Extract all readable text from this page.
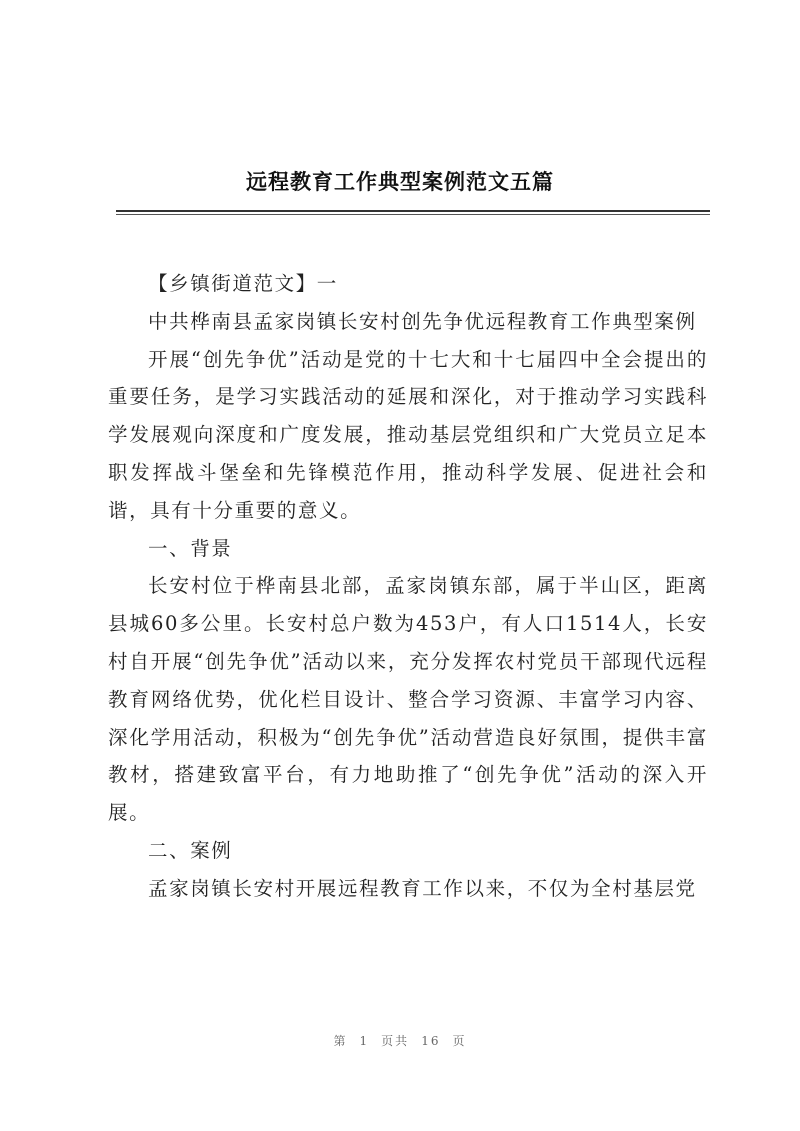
远程教育工作典型案例范文五篇

【乡镇街道范文】一

中共桦南县孟家岗镇长安村创先争优远程教育工作典型案例

开展“创先争优”活动是党的十七大和十七届四中全会提出的重要任务，是学习实践活动的延展和深化，对于推动学习实践科学发展观向深度和广度发展，推动基层党组织和广大党员立足本职发挥战斗堡垒和先锋模范作用，推动科学发展、促进社会和谐，具有十分重要的意义。

一、背景

长安村位于桦南县北部，孟家岗镇东部，属于半山区，距离县城60多公里。长安村总户数为453户，有人口1514人，长安村自开展“创先争优”活动以来，充分发挥农村党员干部现代远程教育网络优势，优化栏目设计、整合学习资源、丰富学习内容、深化学用活动，积极为“创先争优”活动营造良好氛围，提供丰富教材，搭建致富平台，有力地助推了“创先争优”活动的深入开展。

二、案例

孟家岗镇长安村开展远程教育工作以来，不仅为全村基层党

第 1 页共 16 页
